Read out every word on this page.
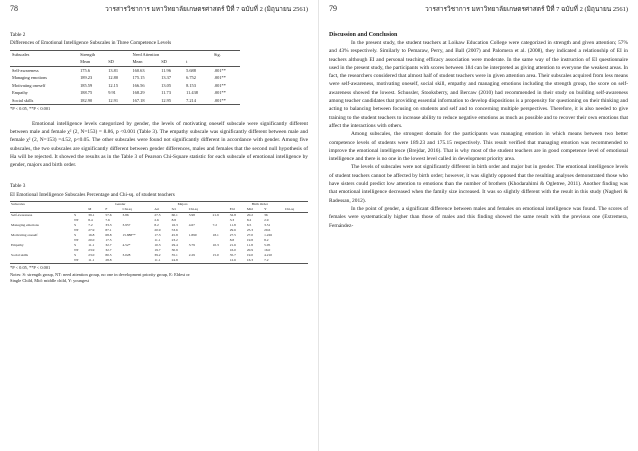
78	วารสารวิชาการ มหาวิทยาลัยเกษตรศาสตร์ ปีที่ 7 ฉบับที่ 2 (มิถุนายน 2561)

Table 2

Differences of Emotional Intelligence Subscales in Three Competence Levels

Subscales	Strength		Need Attention			Sig.
	Mean	SD	Mean	SD	t	
Self-awareness	175.6	13.81	160.63	11.96	5.688	.001**
Managing emotions	189.23	12.80	175.15	13.37	6.752	.001**
Motivating oneself	185.59	12.15	166.56	13.05	8.153	.001**
Empathy	188.75	9.91	168.29	11.73	11.438	.001**
Social skills	182.90	12.91	167.18	12.95	7.214	.001**

*P < 0.05, **P < 0.001

Emotional intelligence levels categorized by gender, the levels of motivating oneself subscale were significantly different between male and female χ² (2, N=153) = 8.86, p <0.001 (Table 3). The empathy subscale was significantly different between male and female χ² (2, N=153) =4.52, p<0.05. The other subscales were found not significantly different in accordance with gender. Among five subscales, the two subscales are significantly different between gender differences, males and females that the second null hypothesis of Ha will be rejected. It showed the results as in the Table 3 of Pearson Chi-Square statistic for each subscale of emotional intelligence by gender, majors and birth order.

Table 3

EI Emotional Intelligence Subscales Percentage and Chi-sq. of student teachers

Subscales		Gender			Majors			Birth Order				
		M	F	Chi-sq	Art	Sci	Chi-sq		Eld	Mid	Y	Chi-sq
Self-awareness	S	39.1	57.6	3.86	27.5	60.1	3.98	21.9	32.8	20.2	36	
	NT	8.4	7.6		2.6	8.8			3.3	8.2	2.9	
Managing emotions	S	7.2	33.3	3.957	8.2	16.3	4.67	7.2	11.8	6.5	3.51	
	NT	27.9	87.1		20.9	53.6			29.6	25.3	29.6	
Motivating oneself	S	16.8	68.8	15.888**	17.3	45.8	1.890	18.1	27.5	27.0	1.226	
	NT	20.0	17.5		11.1	23.2			8.8	19.8	8.2	
Empathy	S	11.1	32.7	4.52*	10.3	29.4	3.79	10.3	21.6	11.8	5.05	
	NT	23.9	32.7		19.7	30.9			16.0	20.9	16.0	
Social skills	S	23.0	80.5	3.028	39.2	35.1	2.29	15.0	35.7	19.0	4.210	
	NT	11.1	28.8		11.1	24.8			12.6	16.3	7.2	

*P < 0.05, **P < 0.001

Notes: S: strength group, NT: need attention group, no one in development priority group, E: Eldest or

Single Child, Mid: middle child, Y: youngest

79	วารสารวิชาการ มหาวิทยาลัยเกษตรศาสตร์ ปีที่ 7 ฉบับที่ 2 (มิถุนายน 2561)

Discussion and Conclusion

In the present study, the student teachers at Loikaw Education College were categorized in strength and given attention; 57% and 43% respectively. Similarly to Pemaraw, Perry, and Ball (2007) and Palomera et al. (2008), they indicated a relationship of EI in teachers although EI and personal teaching efficacy association were moderate. In the same way of the instruction of EI questionnaire used in the present study, the participants with scores between 184 can be interpreted as giving attention to everyone the weakest areas. In fact, the researchers considered that almost half of student teachers were in given attention area. Their subscales acquired from less means were self-awareness, motivating oneself, social skill, empathy and managing emotions including the strength group, the score on self-awareness showed the lowest. Schussler, Stooksberry, and Bercaw (2010) had recommended in their study on building self-awareness among teacher candidates that providing essential information to develop dispositions is a propensity for questioning on their thinking and acting to balancing between focusing on students and self and to concerning multiple perspectives. Therefore, it is also needed to give training to the student teachers to increase ability to reduce negative emotions as much as possible and to recover their own emotions that affect the interactions with others.

Among subscales, the strongest domain for the participants was managing emotion in which means between two better competence levels of students were 189.23 and 175.15 respectively. This result verified that managing emotion was recommended to improve the emotional intelligence (Brejdar, 2016). That is why most of the student teachers are in good competence level of emotional intelligence and there is no one in the lowest level called in development priority area.

The levels of subscales were not significantly different in birth order and major but in gender. The emotional intelligence levels of student teachers cannot be affected by birth order; however, it was slightly opposed that the resulting analyses demonstrated those who have sisters could predict low attention to emotions than the number of brothers (Khodarahimi & Ogletree, 2011). Another finding was that emotional intelligence decreased when the family size increased. It was so slightly different with the result in this study (Nagheri & Radessan, 2012).

In the point of gender, a significant difference between males and females on emotional intelligence was found. The scores of females were systematically higher than those of males and this finding showed the same result with the previous one (Extremera, Fernández-
